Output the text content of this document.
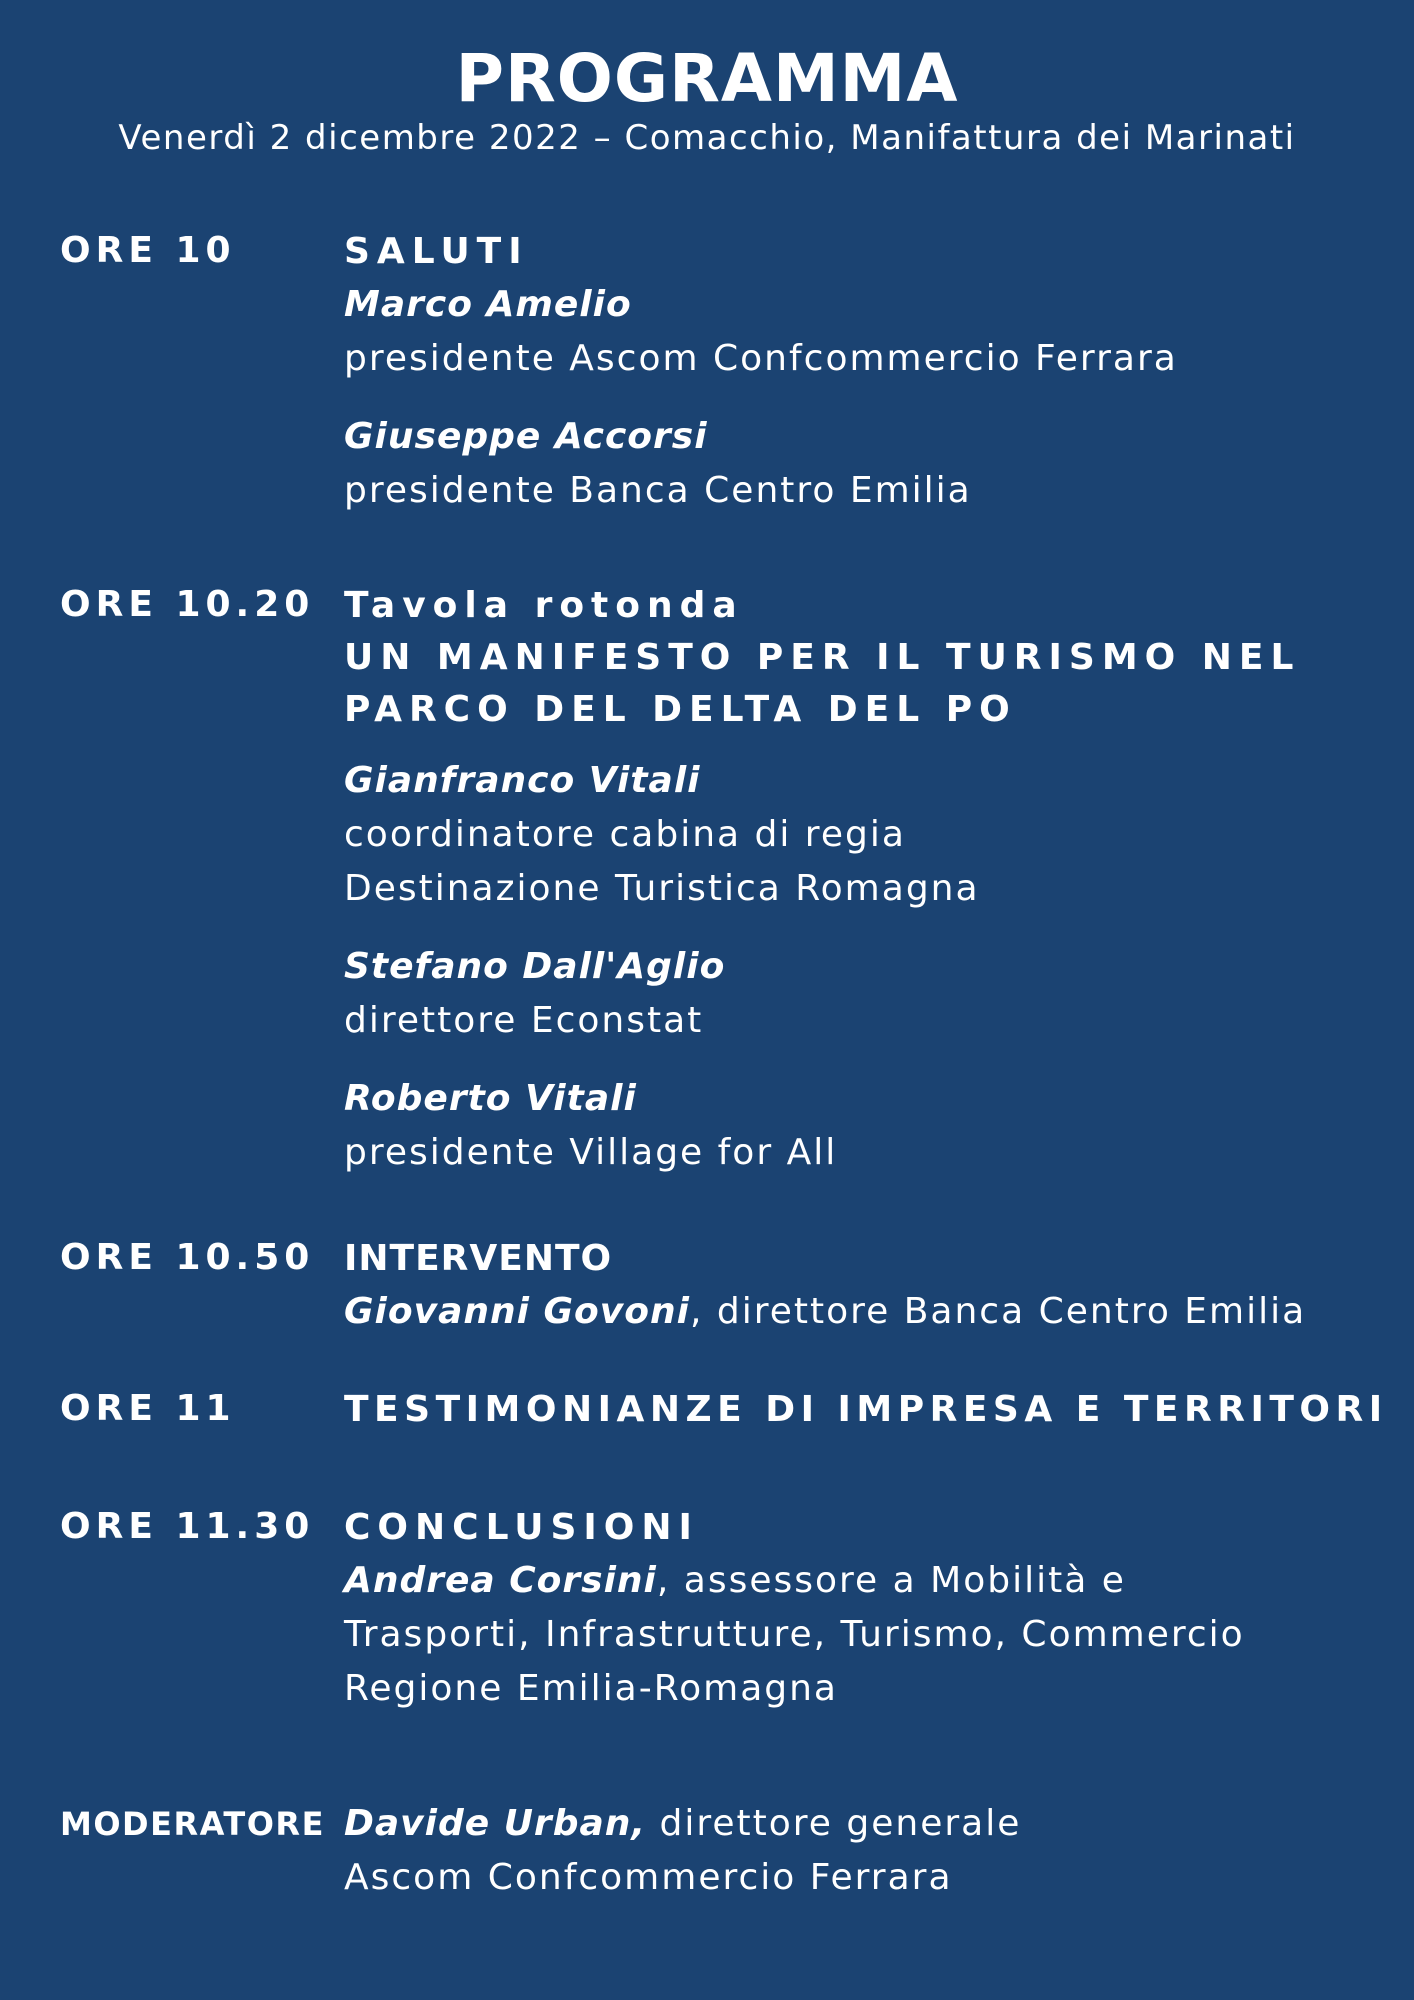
PROGRAMMA
Venerdì 2 dicembre 2022 – Comacchio, Manifattura dei Marinati
ORE 10	SALUTI
Marco Amelio
presidente Ascom Confcommercio Ferrara
Giuseppe Accorsi
presidente Banca Centro Emilia
ORE 10.20 Tavola rotonda
UN MANIFESTO PER IL TURISMO NEL
PARCO DEL DELTA DEL PO
Gianfranco Vitali
coordinatore cabina di regia
Destinazione Turistica Romagna
Stefano Dall'Aglio
direttore Econstat
Roberto Vitali
presidente Village for All
ORE 10.50 INTERVENTO
Giovanni Govoni, direttore Banca Centro Emilia
ORE 11	TESTIMONIANZE DI IMPRESA E TERRITORI
ORE 11.30 CONCLUSIONI
Andrea Corsini, assessore a Mobilità e
Trasporti, Infrastrutture, Turismo, Commercio
Regione Emilia-Romagna
MODERATORE Davide Urban, direttore generale
Ascom Confcommercio Ferrara
